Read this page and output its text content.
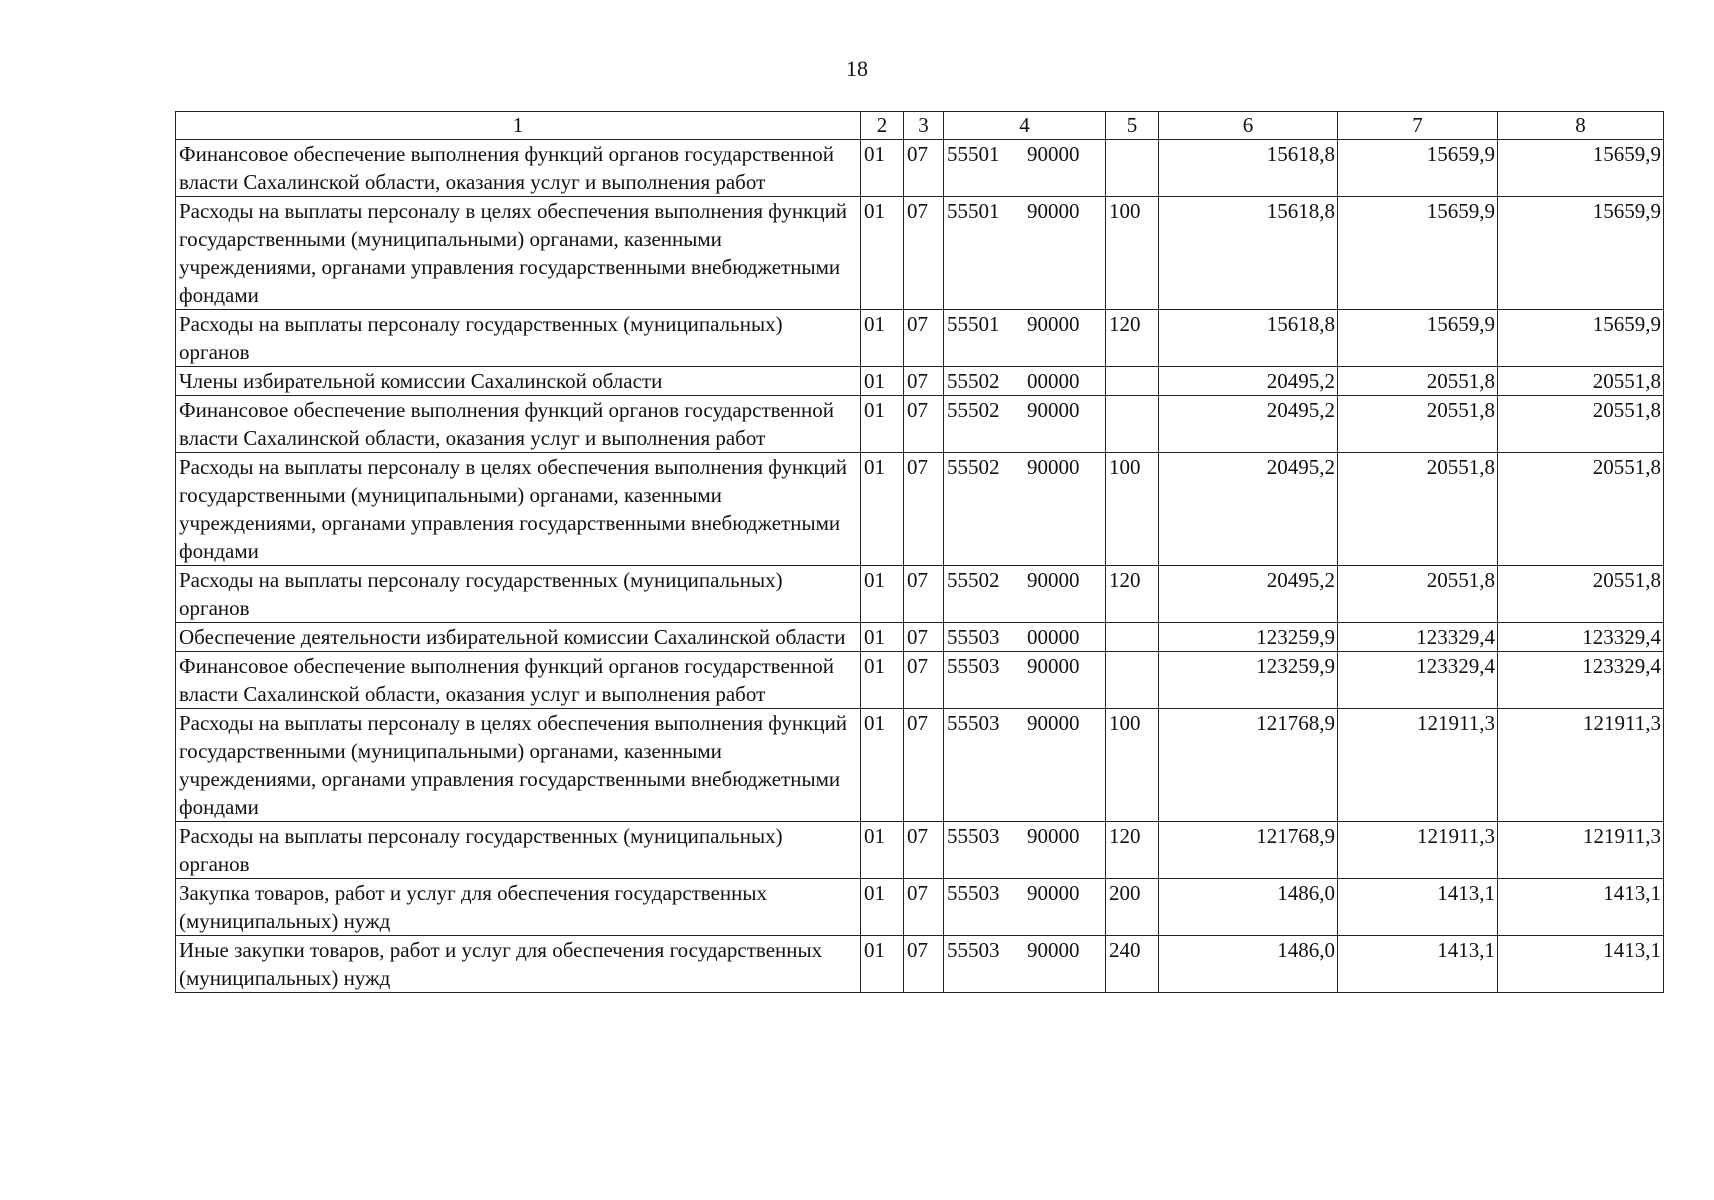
18
1	2	3	4	5	6	7	8
Финансовое обеспечение выполнения функций органов государственной власти Сахалинской области, оказания услуг и выполнения работ	01	07	55501 90000		15618,8	15659,9	15659,9
Расходы на выплаты персоналу в целях обеспечения выполнения функций государственными (муниципальными) органами, казенными учреждениями, органами управления государственными внебюджетными фондами	01	07	55501 90000	100	15618,8	15659,9	15659,9
Расходы на выплаты персоналу государственных (муниципальных) органов	01	07	55501 90000	120	15618,8	15659,9	15659,9
Члены избирательной комиссии Сахалинской области	01	07	55502 00000		20495,2	20551,8	20551,8
Финансовое обеспечение выполнения функций органов государственной власти Сахалинской области, оказания услуг и выполнения работ	01	07	55502 90000		20495,2	20551,8	20551,8
Расходы на выплаты персоналу в целях обеспечения выполнения функций государственными (муниципальными) органами, казенными учреждениями, органами управления государственными внебюджетными фондами	01	07	55502 90000	100	20495,2	20551,8	20551,8
Расходы на выплаты персоналу государственных (муниципальных) органов	01	07	55502 90000	120	20495,2	20551,8	20551,8
Обеспечение деятельности избирательной комиссии Сахалинской области	01	07	55503 00000		123259,9	123329,4	123329,4
Финансовое обеспечение выполнения функций органов государственной власти Сахалинской области, оказания услуг и выполнения работ	01	07	55503 90000		123259,9	123329,4	123329,4
Расходы на выплаты персоналу в целях обеспечения выполнения функций государственными (муниципальными) органами, казенными учреждениями, органами управления государственными внебюджетными фондами	01	07	55503 90000	100	121768,9	121911,3	121911,3
Расходы на выплаты персоналу государственных (муниципальных) органов	01	07	55503 90000	120	121768,9	121911,3	121911,3
Закупка товаров, работ и услуг для обеспечения государственных (муниципальных) нужд	01	07	55503 90000	200	1486,0	1413,1	1413,1
Иные закупки товаров, работ и услуг для обеспечения государственных (муниципальных) нужд	01	07	55503 90000	240	1486,0	1413,1	1413,1
